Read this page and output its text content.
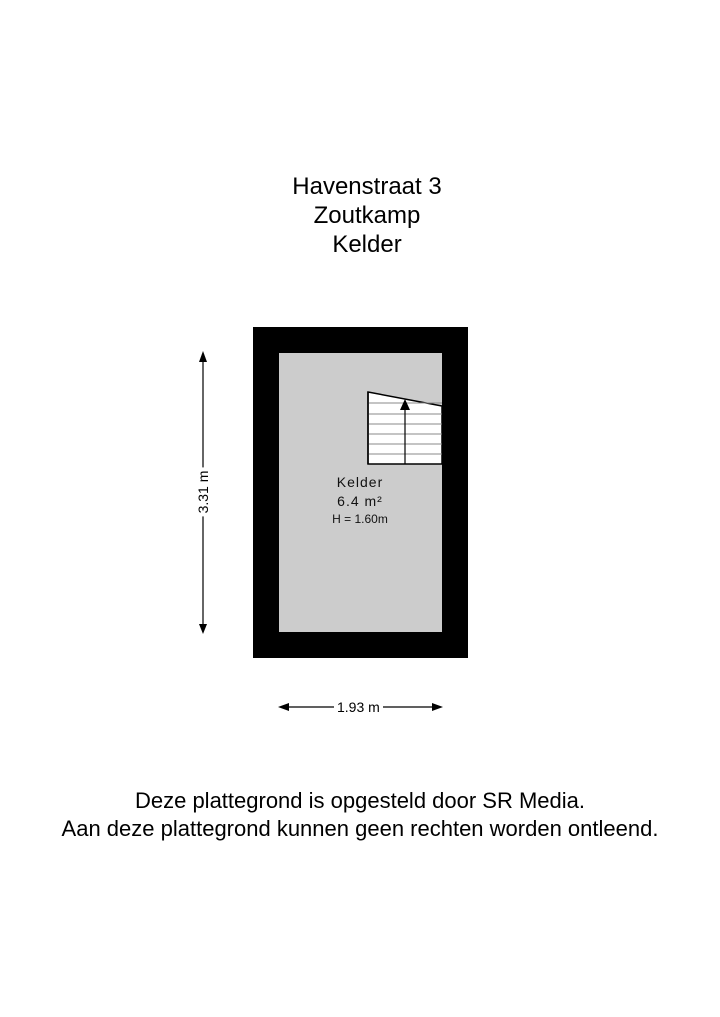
Havenstraat 3
Zoutkamp
Kelder
Kelder
6.4 m²
H = 1.60m
1.93 m
3.31 m
Deze plattegrond is opgesteld door SR Media.
Aan deze plattegrond kunnen geen rechten worden ontleend.
